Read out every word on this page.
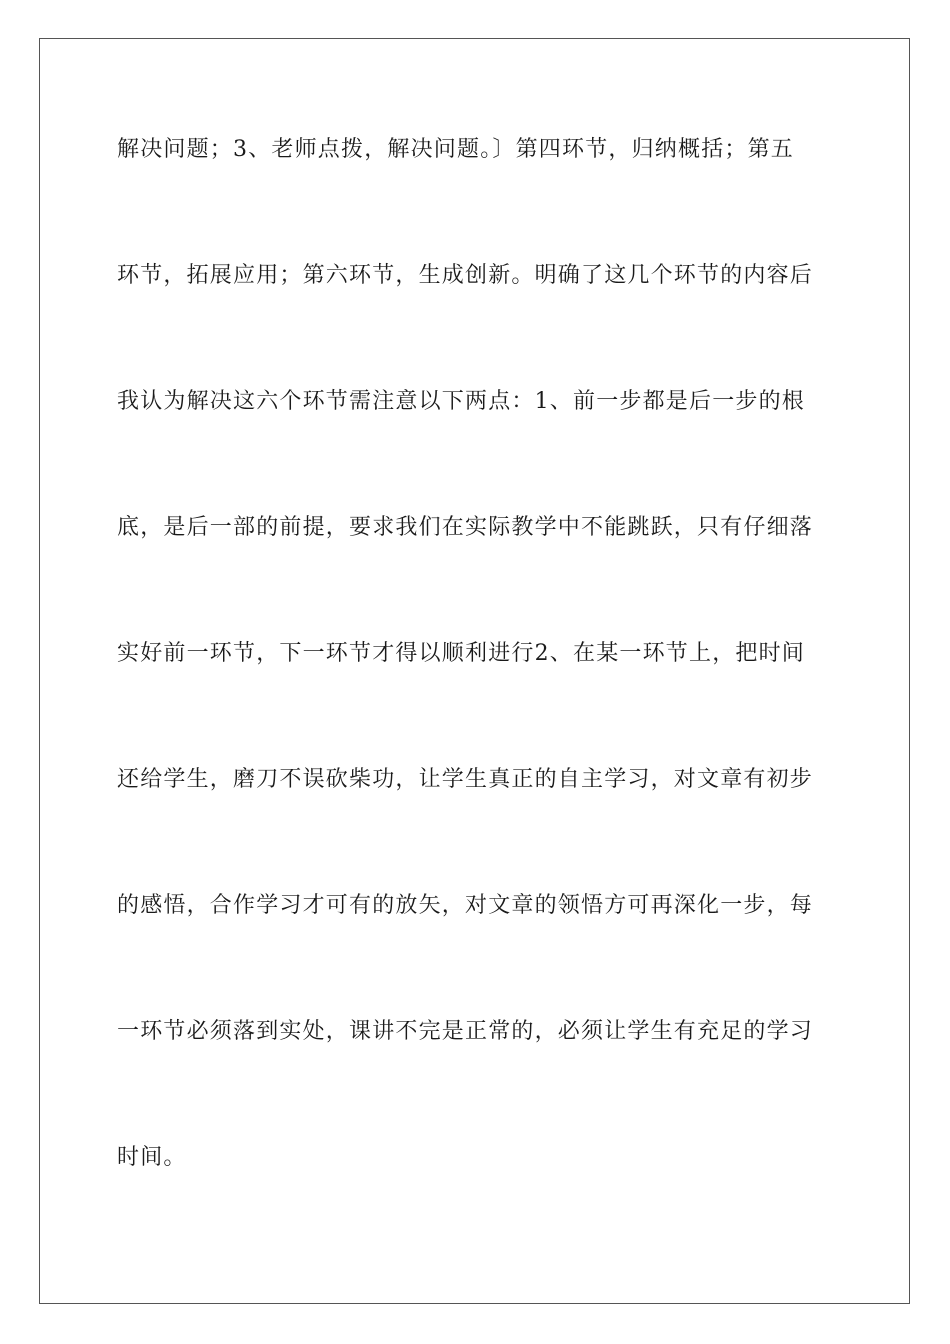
解决问题；3、老师点拨，解决问题。〕第四环节，归纳概括；第五
环节，拓展应用；第六环节，生成创新。明确了这几个环节的内容后
我认为解决这六个环节需注意以下两点：1、前一步都是后一步的根
底，是后一部的前提，要求我们在实际教学中不能跳跃，只有仔细落
实好前一环节，下一环节才得以顺利进行2、在某一环节上，把时间
还给学生，磨刀不误砍柴功，让学生真正的自主学习，对文章有初步
的感悟，合作学习才可有的放矢，对文章的领悟方可再深化一步，每
一环节必须落到实处，课讲不完是正常的，必须让学生有充足的学习
时间。
